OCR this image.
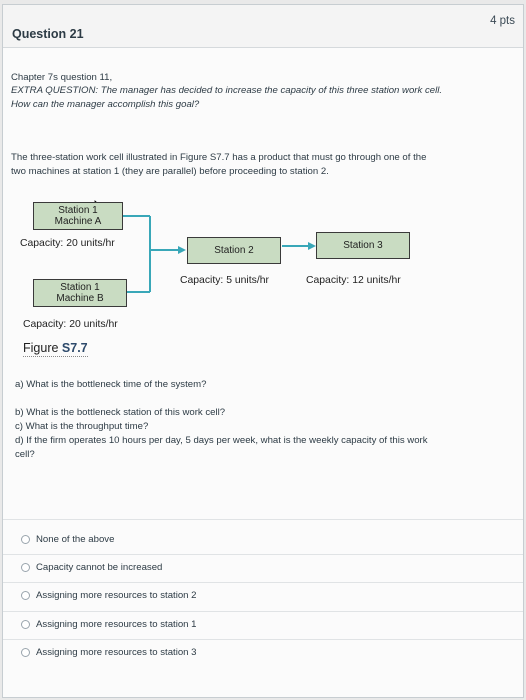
Question 21
4 pts
Chapter 7s question 11,
EXTRA QUESTION: The manager has decided to increase the capacity of this three station work cell.
How can the manager accomplish this goal?
The three-station work cell illustrated in Figure S7.7 has a product that must go through one of the
two machines at station 1 (they are parallel) before proceeding to station 2.
Station 1
Machine A
Capacity: 20 units/hr
Station 2
Capacity: 5 units/hr
Station 3
Capacity: 12 units/hr
Station 1
Machine B
Capacity: 20 units/hr
Figure S7.7
a) What is the bottleneck time of the system?
b) What is the bottleneck station of this work cell?
c) What is the throughput time?
d) If the firm operates 10 hours per day, 5 days per week, what is the weekly capacity of this work
cell?
None of the above
Capacity cannot be increased
Assigning more resources to station 2
Assigning more resources to station 1
Assigning more resources to station 3
